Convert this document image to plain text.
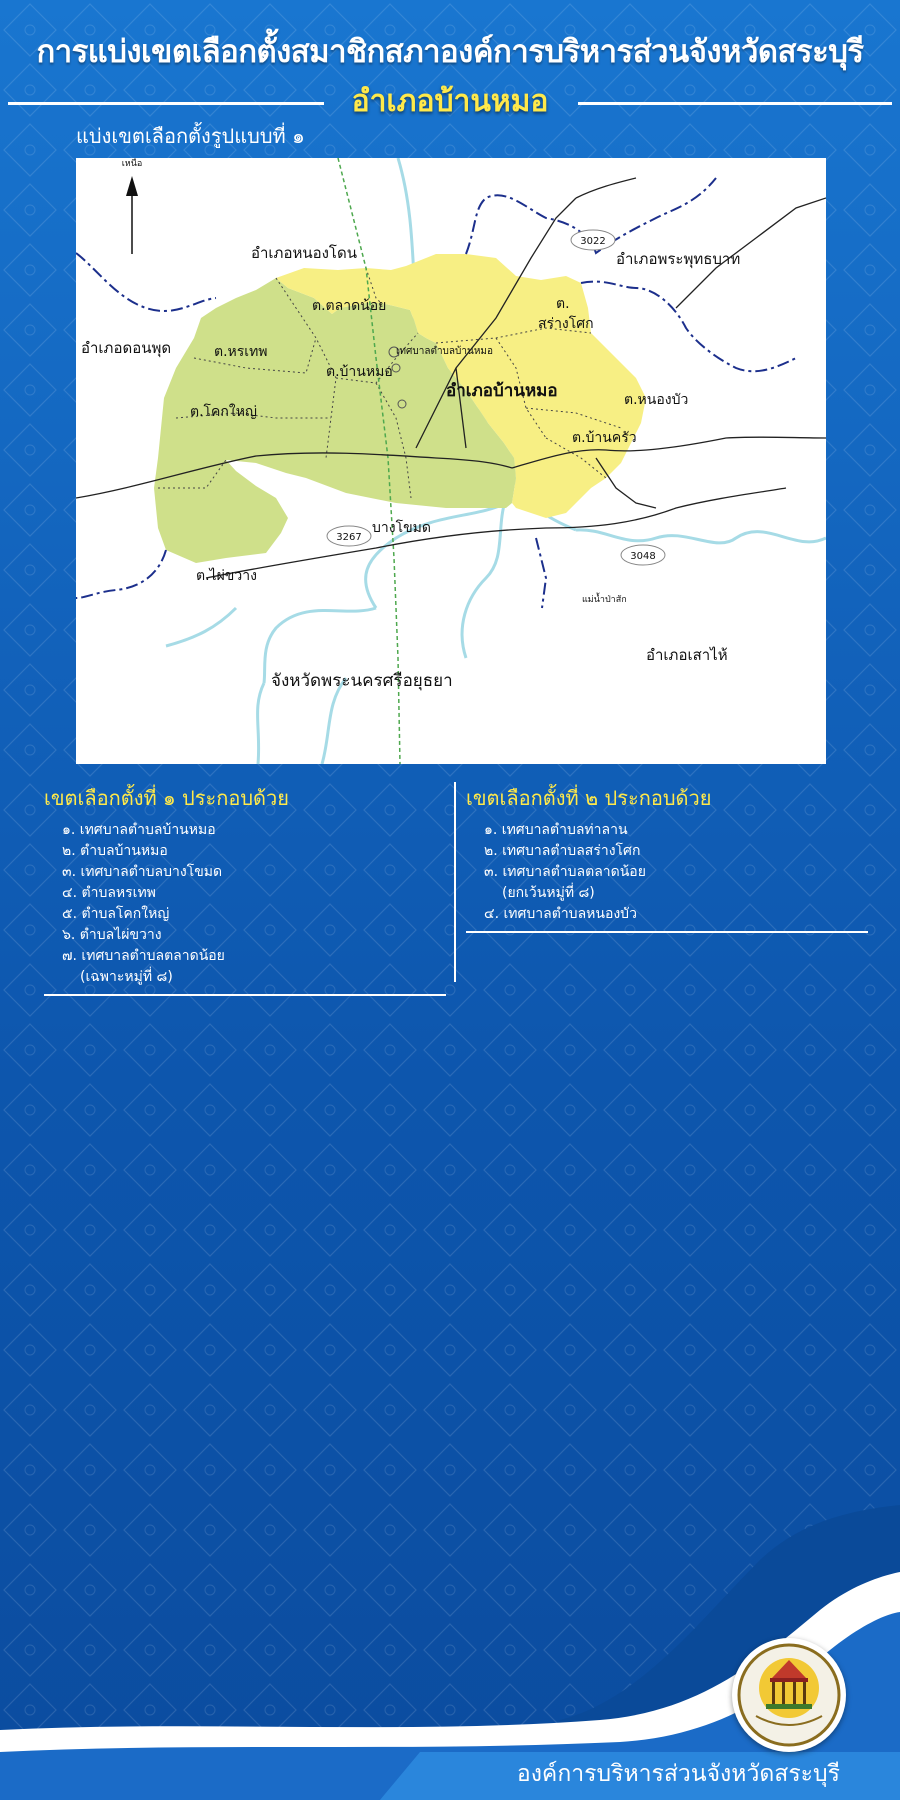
การแบ่งเขตเลือกตั้งสมาชิกสภาองค์การบริหารส่วนจังหวัดสระบุรี
อำเภอบ้านหมอ
แบ่งเขตเลือกตั้งรูปแบบที่ ๑
เหนือ
3022
3267
3048
อำเภอหนองโดน	อำเภอพระพุทธบาท
อำเภอดอนพุด
จังหวัดพระนครศรีอยุธยา
อำเภอเสาไห้
ต.ตลาดน้อย	ต.
สร่างโศก
ต.หรเทพ
ต.บ้านหมอ
เทศบาลตำบลบ้านหมอ
อำเภอบ้านหมอ
ต.โคกใหญ่
ต.หนองบัว
ต.บ้านครัว
บางโขมด
ต.ไผ่ขวาง
แม่น้ำป่าสัก
เขตเลือกตั้งที่ ๑ ประกอบด้วย
๑. เทศบาลตำบลบ้านหมอ
๒. ตำบลบ้านหมอ
๓. เทศบาลตำบลบางโขมด
๔. ตำบลหรเทพ
๕. ตำบลโคกใหญ่
๖. ตำบลไผ่ขวาง
๗. เทศบาลตำบลตลาดน้อย
(เฉพาะหมู่ที่ ๘)
เขตเลือกตั้งที่ ๒ ประกอบด้วย
๑. เทศบาลตำบลท่าลาน
๒. เทศบาลตำบลสร่างโศก
๓. เทศบาลตำบลตลาดน้อย
(ยกเว้นหมู่ที่ ๘)
๔. เทศบาลตำบลหนองบัว
องค์การบริหารส่วนจังหวัดสระบุรี
